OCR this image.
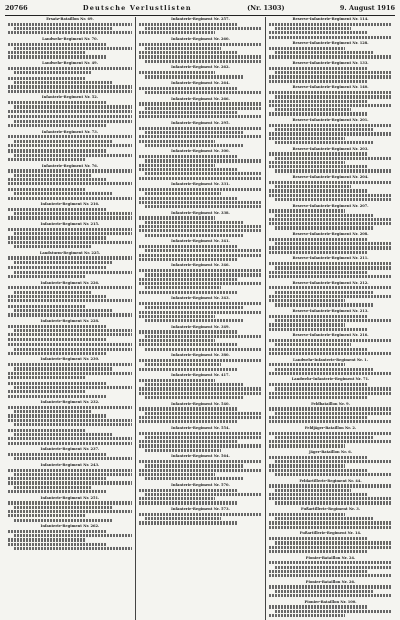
20766	Deutsche Verlustlisten	(Nr. 1303)	9. August 1916
Ersatz-Bataillon Nr. 69.
Landwehr-Regiment Nr. 70.
Landwehr-Regiment Nr. 49.
Infanterie-Regiment Nr. 52.
Infanterie-Regiment Nr. 73.
Infanterie-Regiment Nr. 76.
Infanterie-Regiment Nr. 216.
Infanterie-Regiment Nr. 215.
Landsturm-Regiment Nr. 225.
Infanterie-Regiment Nr. 226.
Infanterie-Regiment Nr. 228.
Infanterie-Regiment Nr. 230.
Infanterie-Regiment Nr. 232.
Infanterie-Regiment Nr. 237.
Infanterie-Regiment Nr. 243.
Infanterie-Regiment Nr. 251.
Infanterie-Regiment Nr. 262.
Infanterie-Regiment Nr. 257.
Infanterie-Regiment Nr. 260.
Infanterie-Regiment Nr. 262.
Infanterie-Regiment Nr. 264.
Infanterie-Regiment Nr. 266.
Infanterie-Regiment Nr. 295.
Infanterie-Regiment Nr. 300.
Infanterie-Regiment Nr. 331.
Infanterie-Regiment Nr. 338.
Infanterie-Regiment Nr. 341.
Infanterie-Regiment Nr. 346.
Infanterie-Regiment Nr. 343.
Infanterie-Regiment Nr. 349.
Infanterie-Regiment Nr. 380.
Infanterie-Regiment Nr. 417.
Infanterie-Regiment Nr. 540.
Infanterie-Regiment Nr. 554.
Infanterie-Regiment Nr. 564.
Infanterie-Regiment Nr. 570.
Infanterie-Regiment Nr. 573.
Reserve-Infanterie-Regiment Nr. 114.
Reserve-Infanterie-Regiment Nr. 128.
Reserve-Infanterie-Regiment Nr. 133.
Reserve-Infanterie-Regiment Nr. 140.
Reserve-Infanterie-Regiment Nr. 201.
Reserve-Infanterie-Regiment Nr. 203.
Reserve-Infanterie-Regiment Nr. 204.
Reserve-Infanterie-Regiment Nr. 207.
Reserve-Infanterie-Regiment Nr. 208.
Reserve-Infanterie-Regiment Nr. 211.
Reserve-Infanterie-Regiment Nr. 212.
Reserve-Infanterie-Regiment Nr. 213.
Reserve-Infanterie-Regiment Nr. 216.
Landwehr-Infanterie-Regiment Nr. 1.
Landwehr-Infanterie-Regiment Nr. 71.
Feldbataillon Nr. 9.
Feldjäger-Bataillon Nr. 2.
Jäger-Bataillon Nr. 6.
Feldartillerie-Regiment Nr. 44.
Fußartillerie-Regiment Nr. 3.
Fußartillerie-Regiment Nr. 14.
Pionier-Bataillon Nr. 24.
Pionier-Bataillon Nr. 26.
Pionier-Bataillon Nr. 100.
